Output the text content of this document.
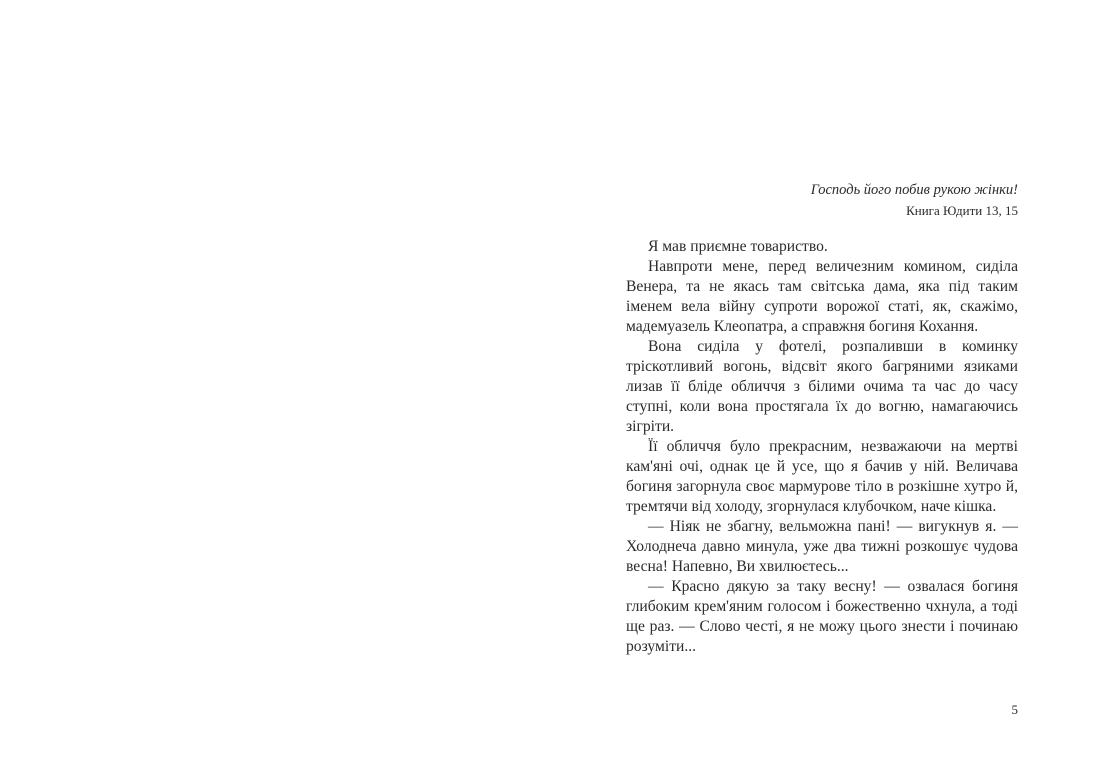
Господь його побив рукою жінки!

Книга Юдити 13, 15

Я мав приємне товариство.

Навпроти мене, перед величезним комином, сиділа Венера, та не якась там світська дама, яка під таким іменем вела війну супроти ворожої статі, як, скажімо, мадемуазель Клеопатра, а справжня богиня Кохання.

Вона сиділа у фотелі, розпаливши в коминку тріскотливий вогонь, відсвіт якого багряними язиками лизав її бліде обличчя з білими очима та час до часу ступні, коли вона простягала їх до вогню, намагаючись зігріти.

Її обличчя було прекрасним, незважаючи на мертві кам'яні очі, однак це й усе, що я бачив у ній. Величава богиня загорнула своє мармурове тіло в розкішне хутро й, тремтячи від холоду, згорнулася клубочком, наче кішка.

— Ніяк не збагну, вельможна пані! — вигукнув я. — Холоднеча давно минула, уже два тижні розкошує чудова весна! Напевно, Ви хвилюєтесь...

— Красно дякую за таку весну! — озвалася богиня глибоким крем'яним голосом і божественно чхнула, а тоді ще раз. — Слово честі, я не можу цього знести і починаю розуміти...

5
